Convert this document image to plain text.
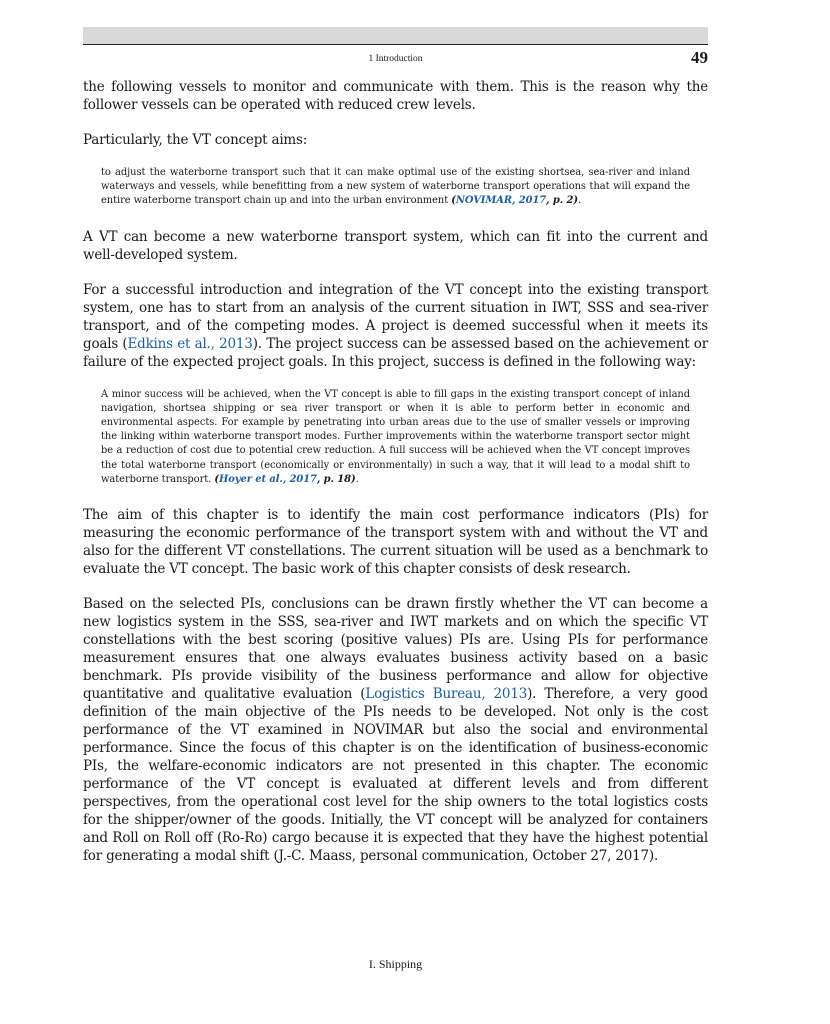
1 Introduction	49

the following vessels to monitor and communicate with them. This is the reason why the follower vessels can be operated with reduced crew levels.

Particularly, the VT concept aims:

to adjust the waterborne transport such that it can make optimal use of the existing shortsea, sea-river and inland waterways and vessels, while benefitting from a new system of waterborne transport operations that will expand the entire waterborne transport chain up and into the urban environment (NOVIMAR, 2017, p. 2).

A VT can become a new waterborne transport system, which can fit into the current and well-developed system.

For a successful introduction and integration of the VT concept into the existing transport system, one has to start from an analysis of the current situation in IWT, SSS and sea-river transport, and of the competing modes. A project is deemed successful when it meets its goals (Edkins et al., 2013). The project success can be assessed based on the achievement or failure of the expected project goals. In this project, success is defined in the following way:

A minor success will be achieved, when the VT concept is able to fill gaps in the existing transport concept of inland navigation, shortsea shipping or sea river transport or when it is able to perform better in economic and environmental aspects. For example by penetrating into urban areas due to the use of smaller vessels or improving the linking within waterborne transport modes. Further improvements within the waterborne transport sector might be a reduction of cost due to potential crew reduction. A full success will be achieved when the VT concept improves the total waterborne transport (economically or environmentally) in such a way, that it will lead to a modal shift to waterborne transport. (Hoyer et al., 2017, p. 18).

The aim of this chapter is to identify the main cost performance indicators (PIs) for measuring the economic performance of the transport system with and without the VT and also for the different VT constellations. The current situation will be used as a benchmark to evaluate the VT concept. The basic work of this chapter consists of desk research.

Based on the selected PIs, conclusions can be drawn firstly whether the VT can become a new logistics system in the SSS, sea-river and IWT markets and on which the specific VT constellations with the best scoring (positive values) PIs are. Using PIs for performance measurement ensures that one always evaluates business activity based on a basic benchmark. PIs provide visibility of the business performance and allow for objective quantitative and qualitative evaluation (Logistics Bureau, 2013). Therefore, a very good definition of the main objective of the PIs needs to be developed. Not only is the cost performance of the VT examined in NOVIMAR but also the social and environmental performance. Since the focus of this chapter is on the identification of business-economic PIs, the welfare-economic indicators are not presented in this chapter. The economic performance of the VT concept is evaluated at different levels and from different perspectives, from the operational cost level for the ship owners to the total logistics costs for the shipper/owner of the goods. Initially, the VT concept will be analyzed for containers and Roll on Roll off (Ro-Ro) cargo because it is expected that they have the highest potential for generating a modal shift (J.-C. Maass, personal communication, October 27, 2017).

I. Shipping
